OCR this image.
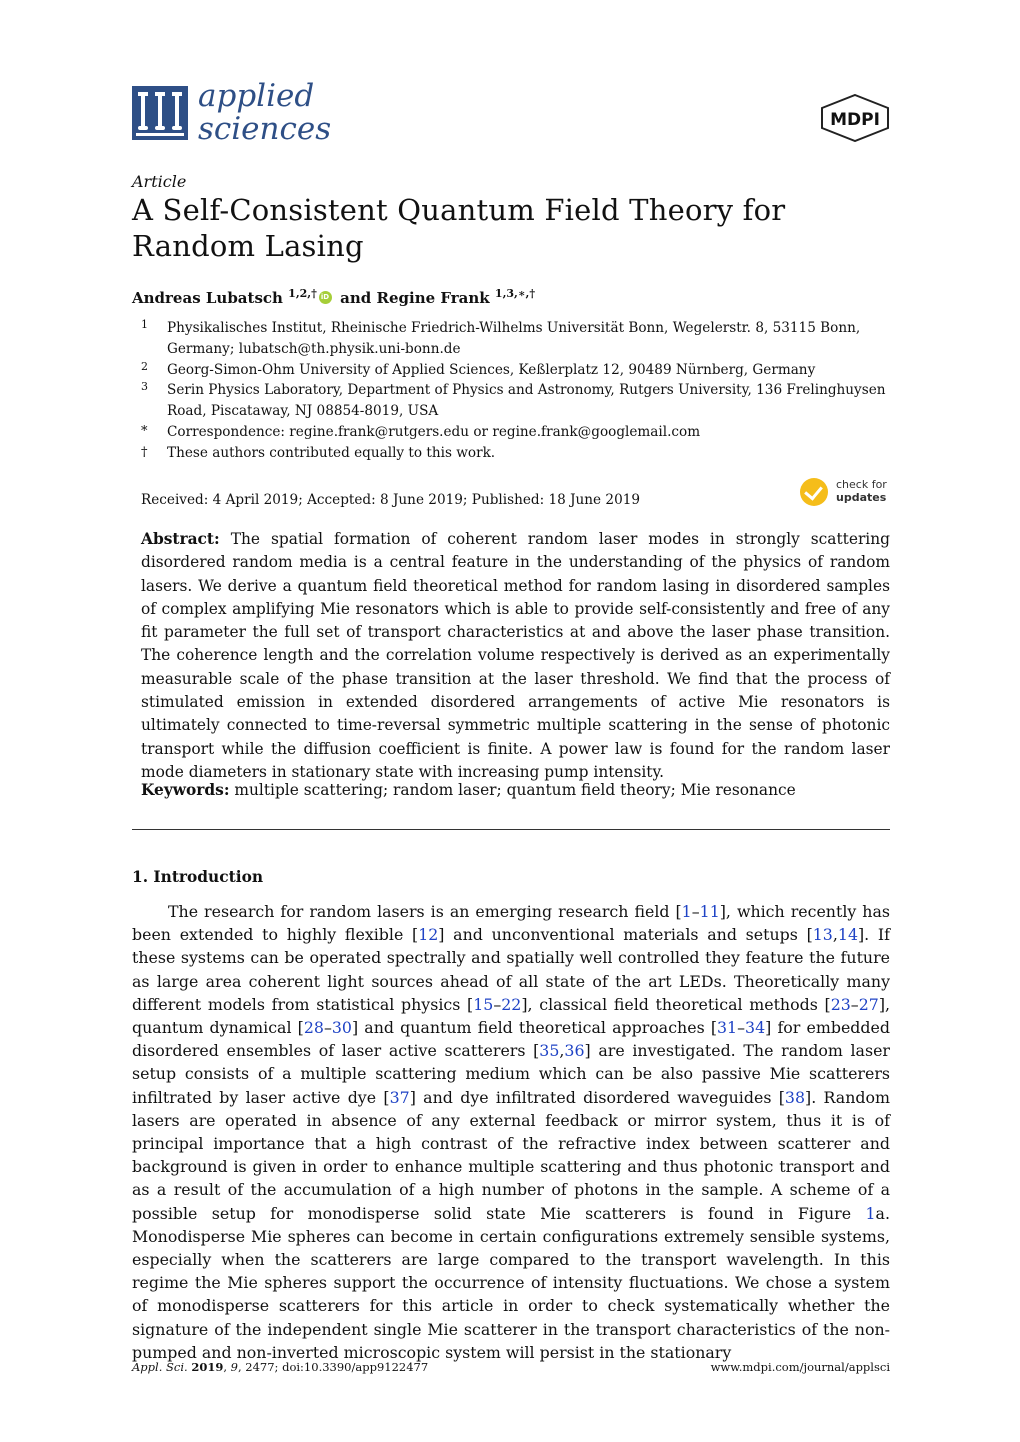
applied
sciences	MDPI
Article
A Self-Consistent Quantum Field Theory for Random Lasing
Andreas Lubatsch $^{1,2,\dagger}$iD and Regine Frank $^{1,3,∗,\dagger}$
1 Physikalisches Institut, Rheinische Friedrich-Wilhelms Universität Bonn, Wegelerstr. 8, 53115 Bonn, Germany; lubatsch@th.physik.uni-bonn.de
2 Georg-Simon-Ohm University of Applied Sciences, Keßlerplatz 12, 90489 Nürnberg, Germany
3 Serin Physics Laboratory, Department of Physics and Astronomy, Rutgers University, 136 Frelinghuysen Road, Piscataway, NJ 08854-8019, USA
* Correspondence: regine.frank@rutgers.edu or regine.frank@googlemail.com
† These authors contributed equally to this work.
Received: 4 April 2019; Accepted: 8 June 2019; Published: 18 June 2019
check for
updates
Abstract: The spatial formation of coherent random laser modes in strongly scattering disordered random media is a central feature in the understanding of the physics of random lasers. We derive a quantum field theoretical method for random lasing in disordered samples of complex amplifying Mie resonators which is able to provide self-consistently and free of any fit parameter the full set of transport characteristics at and above the laser phase transition. The coherence length and the correlation volume respectively is derived as an experimentally measurable scale of the phase transition at the laser threshold. We find that the process of stimulated emission in extended disordered arrangements of active Mie resonators is ultimately connected to time-reversal symmetric multiple scattering in the sense of photonic transport while the diffusion coefficient is finite. A power law is found for the random laser mode diameters in stationary state with increasing pump intensity.
Keywords: multiple scattering; random laser; quantum field theory; Mie resonance
1. Introduction
The research for random lasers is an emerging research field [1–11], which recently has been extended to highly flexible [12] and unconventional materials and setups [13,14]. If these systems can be operated spectrally and spatially well controlled they feature the future as large area coherent light sources ahead of all state of the art LEDs. Theoretically many different models from statistical physics [15–22], classical field theoretical methods [23–27], quantum dynamical [28–30] and quantum field theoretical approaches [31–34] for embedded disordered ensembles of laser active scatterers [35,36] are investigated. The random laser setup consists of a multiple scattering medium which can be also passive Mie scatterers infiltrated by laser active dye [37] and dye infiltrated disordered waveguides [38]. Random lasers are operated in absence of any external feedback or mirror system, thus it is of principal importance that a high contrast of the refractive index between scatterer and background is given in order to enhance multiple scattering and thus photonic transport and as a result of the accumulation of a high number of photons in the sample. A scheme of a possible setup for monodisperse solid state Mie scatterers is found in Figure 1a. Monodisperse Mie spheres can become in certain configurations extremely sensible systems, especially when the scatterers are large compared to the transport wavelength. In this regime the Mie spheres support the occurrence of intensity fluctuations. We chose a system of monodisperse scatterers for this article in order to check systematically whether the signature of the independent single Mie scatterer in the transport characteristics of the non-pumped and non-inverted microscopic system will persist in the stationary
Appl. Sci. 2019, 9, 2477; doi:10.3390/app9122477	www.mdpi.com/journal/applsci
